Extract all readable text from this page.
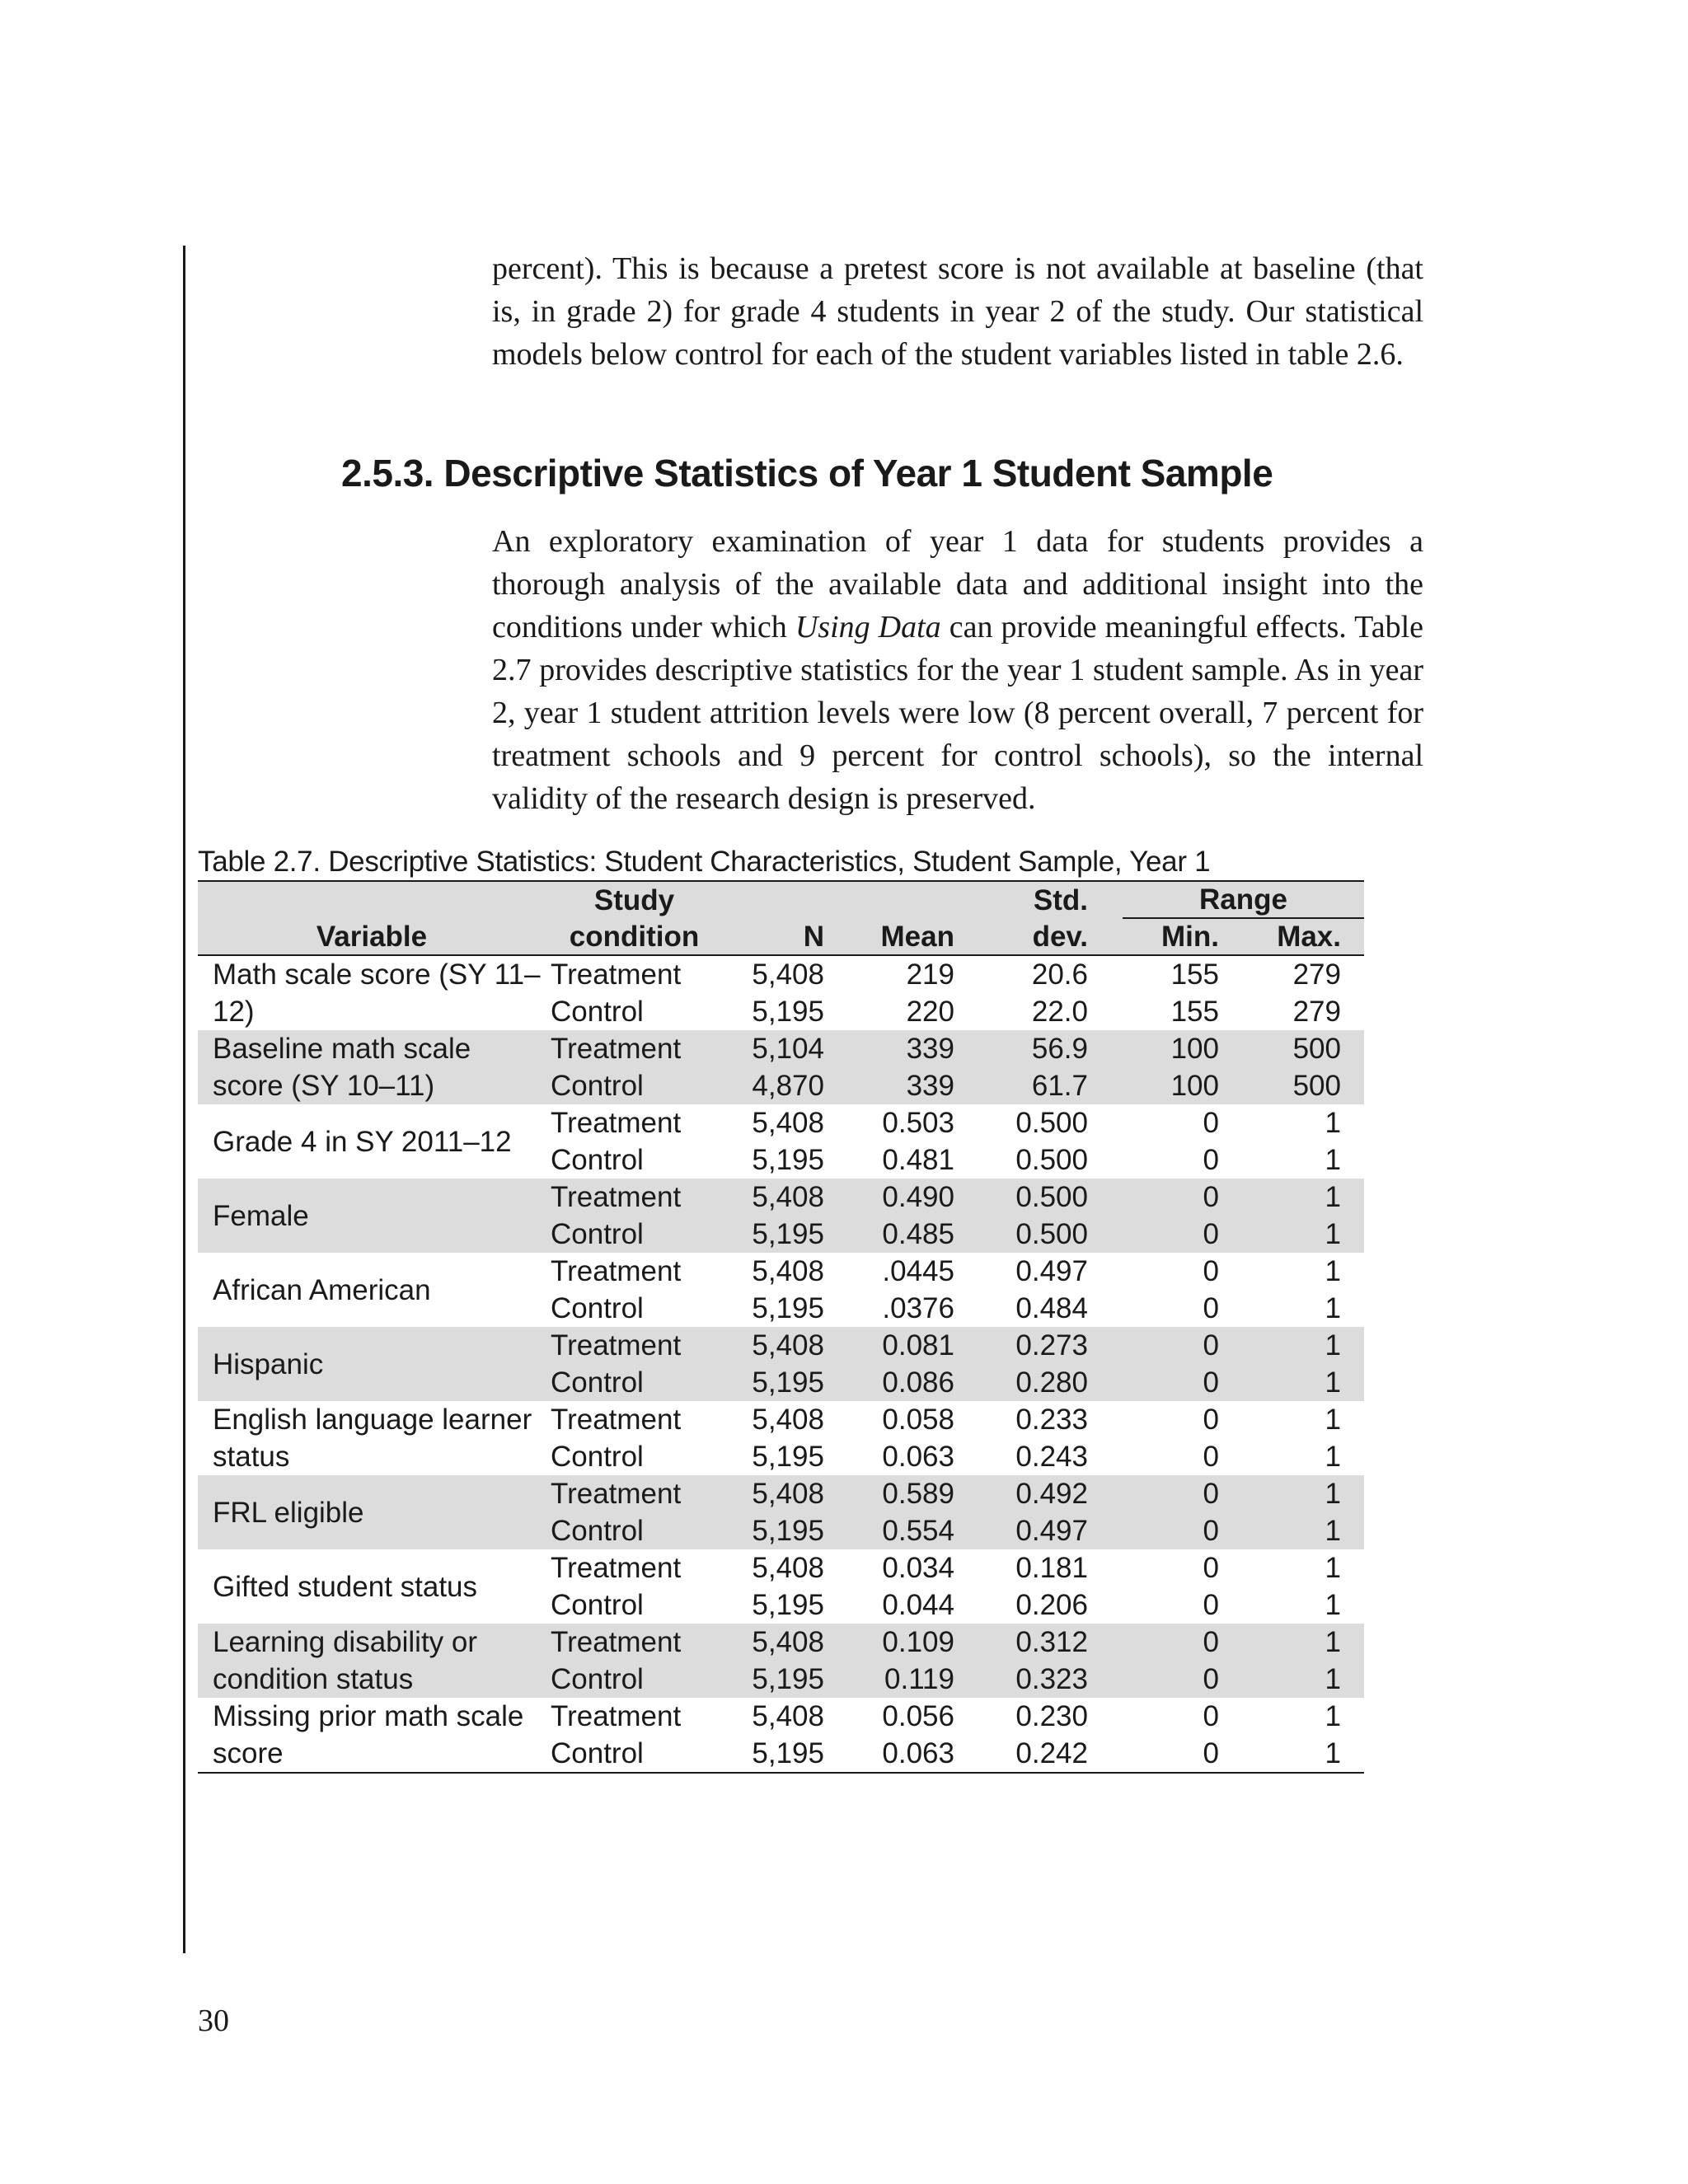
percent). This is because a pretest score is not available at baseline (that is, in grade 2) for grade 4 students in year 2 of the study. Our statistical models below control for each of the student variables listed in table 2.6.

2.5.3. Descriptive Statistics of Year 1 Student Sample

An exploratory examination of year 1 data for students provides a thorough analysis of the available data and additional insight into the conditions under which Using Data can provide meaningful effects. Table 2.7 provides descriptive statistics for the year 1 student sample. As in year 2, year 1 student attrition levels were low (8 percent overall, 7 percent for treatment schools and 9 percent for control schools), so the internal validity of the research design is preserved.

Table 2.7. Descriptive Statistics: Student Characteristics, Student Sample, Year 1

	Study			Std.	Range	

Variable	condition	N	Mean	dev.	Min.	Max.
Math scale score (SY 11–12)	Treatment	5,408	219	20.6	155	279
	Control	5,195	220	22.0	155	279
Baseline math scale score (SY 10–11)	Treatment	5,104	339	56.9	100	500
	Control	4,870	339	61.7	100	500
Grade 4 in SY 2011–12	Treatment	5,408	0.503	0.500	0	1
	Control	5,195	0.481	0.500	0	1
Female	Treatment	5,408	0.490	0.500	0	1
	Control	5,195	0.485	0.500	0	1
African American	Treatment	5,408	.0445	0.497	0	1
	Control	5,195	.0376	0.484	0	1
Hispanic	Treatment	5,408	0.081	0.273	0	1
	Control	5,195	0.086	0.280	0	1
English language learner status	Treatment	5,408	0.058	0.233	0	1
	Control	5,195	0.063	0.243	0	1
FRL eligible	Treatment	5,408	0.589	0.492	0	1
	Control	5,195	0.554	0.497	0	1
Gifted student status	Treatment	5,408	0.034	0.181	0	1
	Control	5,195	0.044	0.206	0	1
Learning disability or condition status	Treatment	5,408	0.109	0.312	0	1
	Control	5,195	0.119	0.323	0	1
Missing prior math scale score	Treatment	5,408	0.056	0.230	0	1
	Control	5,195	0.063	0.242	0	1

30
